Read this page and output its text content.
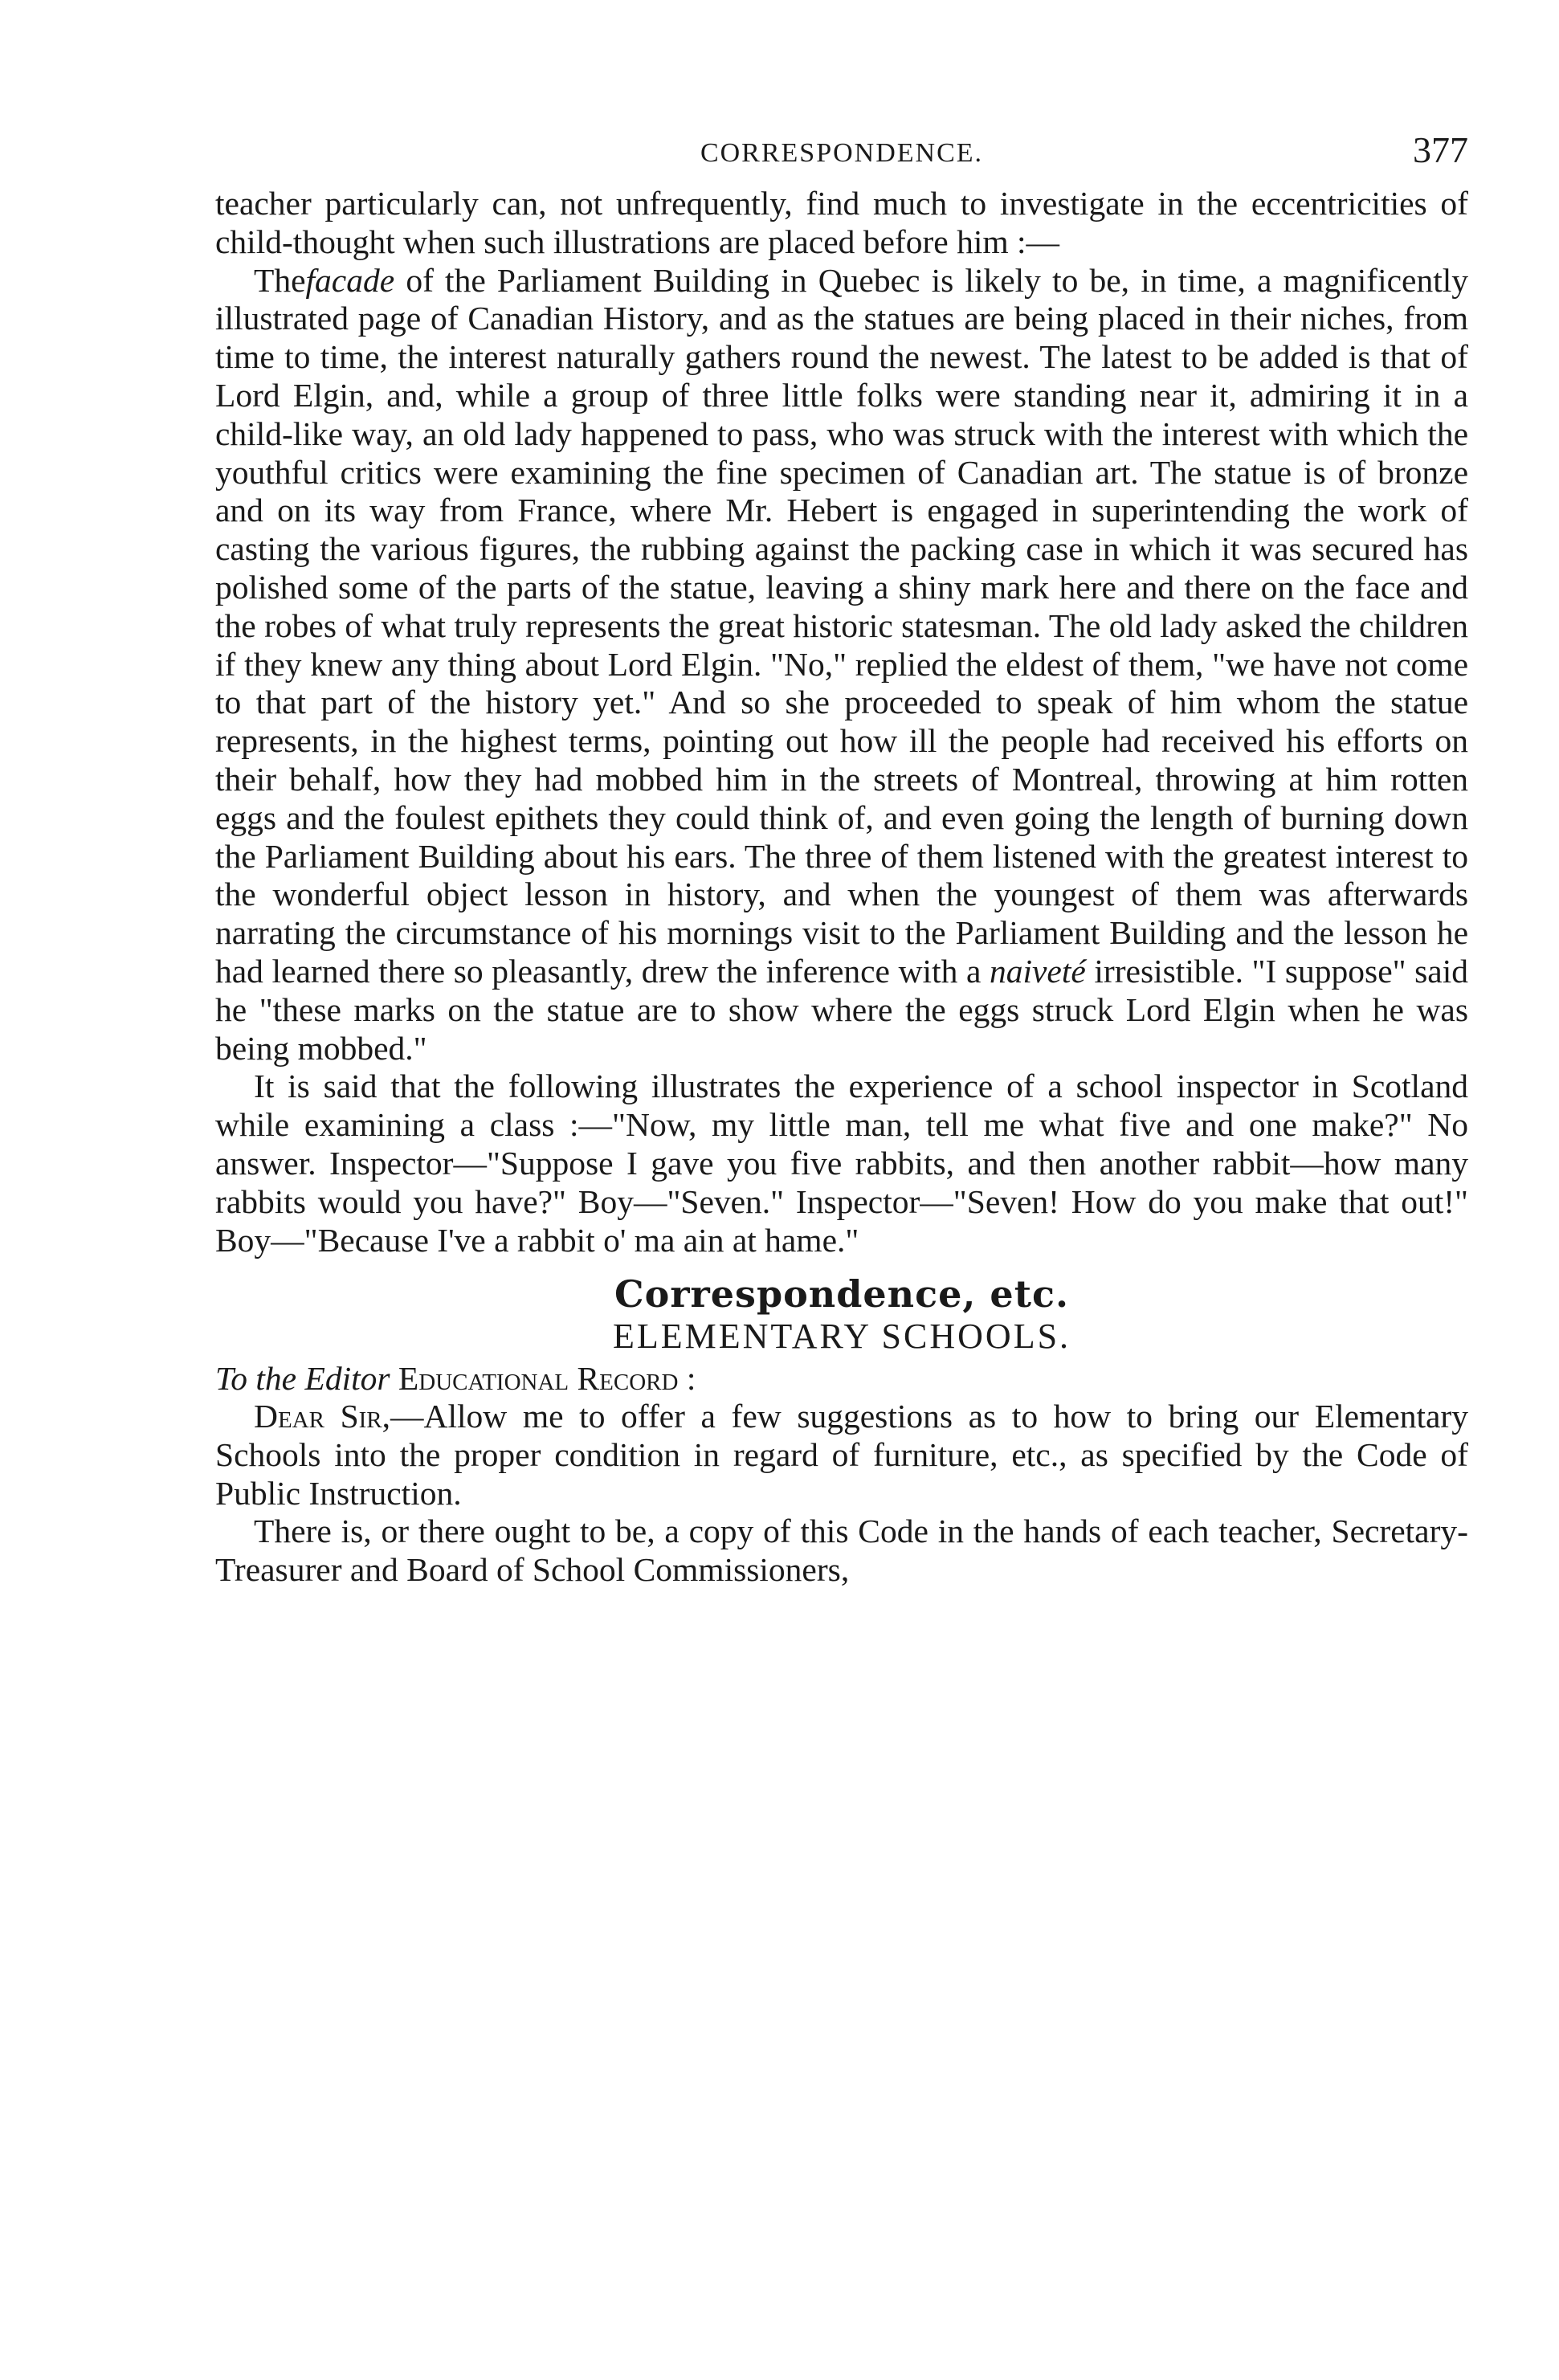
CORRESPONDENCE.	377

teacher particularly can, not unfrequently, find much to investigate in the eccentricities of child-thought when such illustrations are placed before him :—

Thefacade of the Parliament Building in Quebec is likely to be, in time, a magnificently illustrated page of Canadian History, and as the statues are being placed in their niches, from time to time, the interest naturally gathers round the newest. The latest to be added is that of Lord Elgin, and, while a group of three little folks were standing near it, admiring it in a child-like way, an old lady happened to pass, who was struck with the interest with which the youthful critics were examining the fine specimen of Canadian art. The statue is of bronze and on its way from France, where Mr. Hebert is engaged in superintending the work of casting the various figures, the rubbing against the packing case in which it was secured has polished some of the parts of the statue, leaving a shiny mark here and there on the face and the robes of what truly represents the great historic statesman. The old lady asked the children if they knew any thing about Lord Elgin. "No," replied the eldest of them, "we have not come to that part of the history yet." And so she proceeded to speak of him whom the statue represents, in the highest terms, pointing out how ill the people had received his efforts on their behalf, how they had mobbed him in the streets of Montreal, throwing at him rotten eggs and the foulest epithets they could think of, and even going the length of burning down the Parliament Building about his ears. The three of them listened with the greatest interest to the wonderful object lesson in history, and when the youngest of them was afterwards narrating the circumstance of his mornings visit to the Parliament Building and the lesson he had learned there so pleasantly, drew the inference with a naiveté irresistible. "I suppose" said he "these marks on the statue are to show where the eggs struck Lord Elgin when he was being mobbed."

It is said that the following illustrates the experience of a school inspector in Scotland while examining a class :—"Now, my little man, tell me what five and one make?" No answer. Inspector—"Suppose I gave you five rabbits, and then another rabbit—how many rabbits would you have?" Boy—"Seven." Inspector—"Seven! How do you make that out!" Boy—"Because I've a rabbit o' ma ain at hame."

Correspondence, etc.
ELEMENTARY SCHOOLS.

To the Editor Educational Record :

Dear Sir,—Allow me to offer a few suggestions as to how to bring our Elementary Schools into the proper condition in regard of furniture, etc., as specified by the Code of Public Instruction.

There is, or there ought to be, a copy of this Code in the hands of each teacher, Secretary-Treasurer and Board of School Commissioners,
